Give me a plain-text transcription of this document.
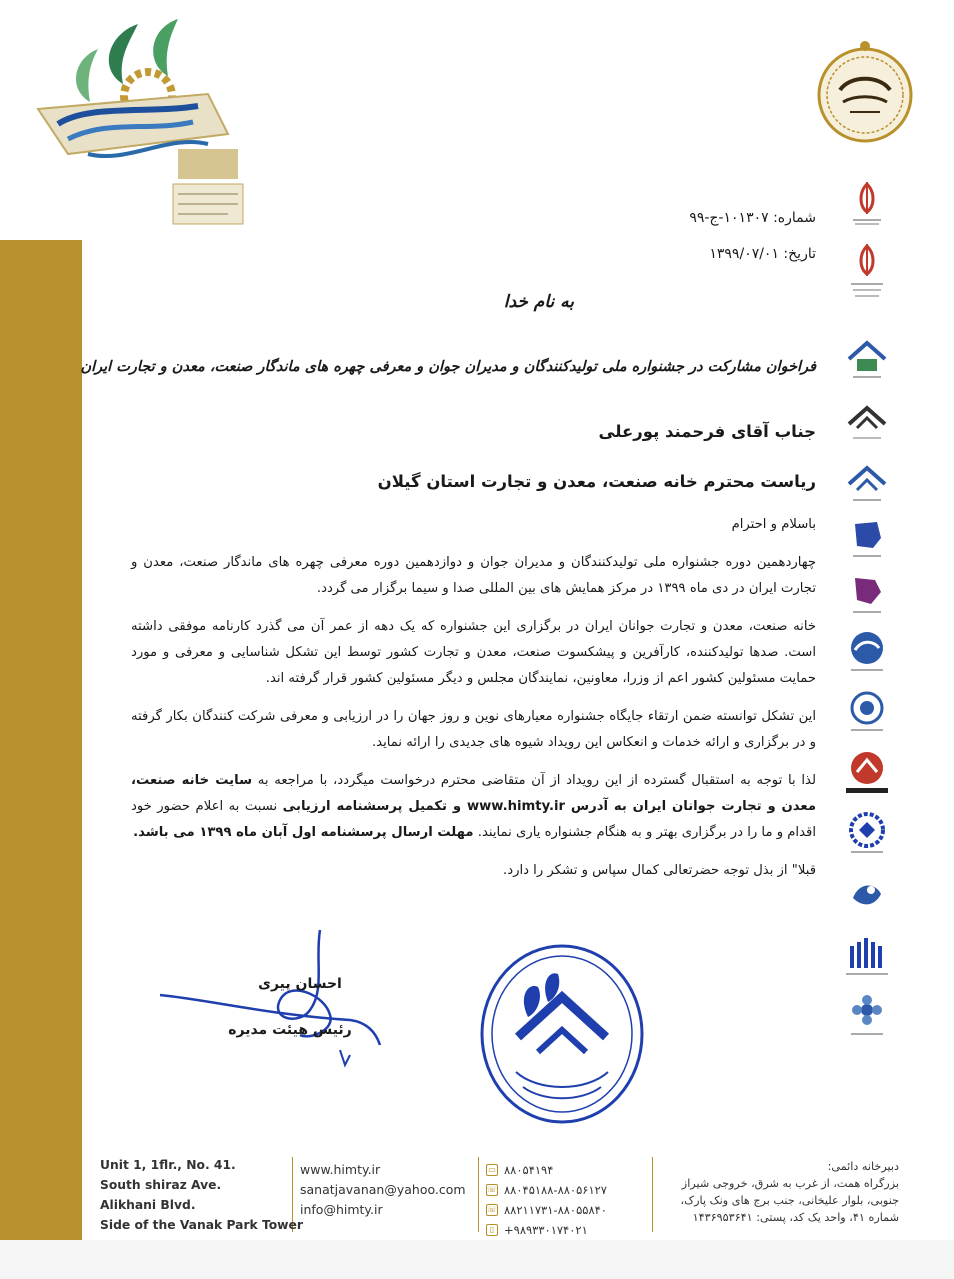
شماره: ۱۰۱۳۰۷-ج-۹۹
تاریخ: ۱۳۹۹/۰۷/۰۱
به نام خدا
فراخوان مشارکت در جشنواره ملی تولیدکنندگان و مدیران جوان و معرفی چهره های ماندگار صنعت، معدن و تجارت ایران
جناب آقای فرحمند پورعلی
ریاست محترم خانه صنعت، معدن و تجارت استان گیلان

باسلام و احترام

چهاردهمین دوره جشنواره ملی تولیدکنندگان و مدیران جوان و دوازدهمین دوره معرفی چهره های ماندگار صنعت، معدن و تجارت ایران در دی ماه ۱۳۹۹ در مرکز همایش های بین المللی صدا و سیما برگزار می گردد.

خانه صنعت، معدن و تجارت جوانان ایران در برگزاری این جشنواره که یک دهه از عمر آن می گذرد کارنامه موفقی داشته است. صدها تولیدکننده، کارآفرین و پیشکسوت صنعت، معدن و تجارت کشور توسط این تشکل شناسایی و معرفی و مورد حمایت مسئولین کشور اعم از وزرا، معاونین، نمایندگان مجلس و دیگر مسئولین کشور قرار گرفته اند.

این تشکل توانسته ضمن ارتقاء جایگاه جشنواره معیارهای نوین و روز جهان را در ارزیابی و معرفی شرکت کنندگان بکار گرفته و در برگزاری و ارائه خدمات و انعکاس این رویداد شیوه های جدیدی را ارائه نماید.

لذا با توجه به استقبال گسترده از این رویداد از آن متقاضی محترم درخواست میگردد، با مراجعه به سایت خانه صنعت، معدن و تجارت جوانان ایران به آدرس www.himty.ir و تکمیل پرسشنامه ارزیابی نسبت به اعلام حضور خود اقدام و ما را در برگزاری بهتر و به هنگام جشنواره یاری نمایند. مهلت ارسال پرسشنامه اول آبان ماه ۱۳۹۹ می باشد.

قبلا" از بذل توجه حضرتعالی کمال سپاس و تشکر را دارد.

احسان پیری
رئیس هیئت مدیره
Unit 1, 1flr., No. 41.
South shiraz Ave.
Alikhani Blvd.
Side of the Vanak Park Tower
www.himty.ir
sanatjavanan@yahoo.com
info@himty.ir
▭ ۸۸۰۵۴۱۹۴
☏ ۸۸۰۴۵۱۸۸-۸۸۰۵۶۱۲۷
☏ ۸۸۲۱۱۷۳۱-۸۸۰۵۵۸۴۰
▯ +۹۸۹۳۳۰۱۷۴۰۲۱
دبیرخانه دائمی:
بزرگراه همت، از غرب به شرق، خروجی شیراز
جنوبی، بلوار علیخانی، جنب برج های ونک پارک،
شماره ۴۱، واحد یک کد، پستی: ۱۴۳۶۹۵۳۶۴۱
